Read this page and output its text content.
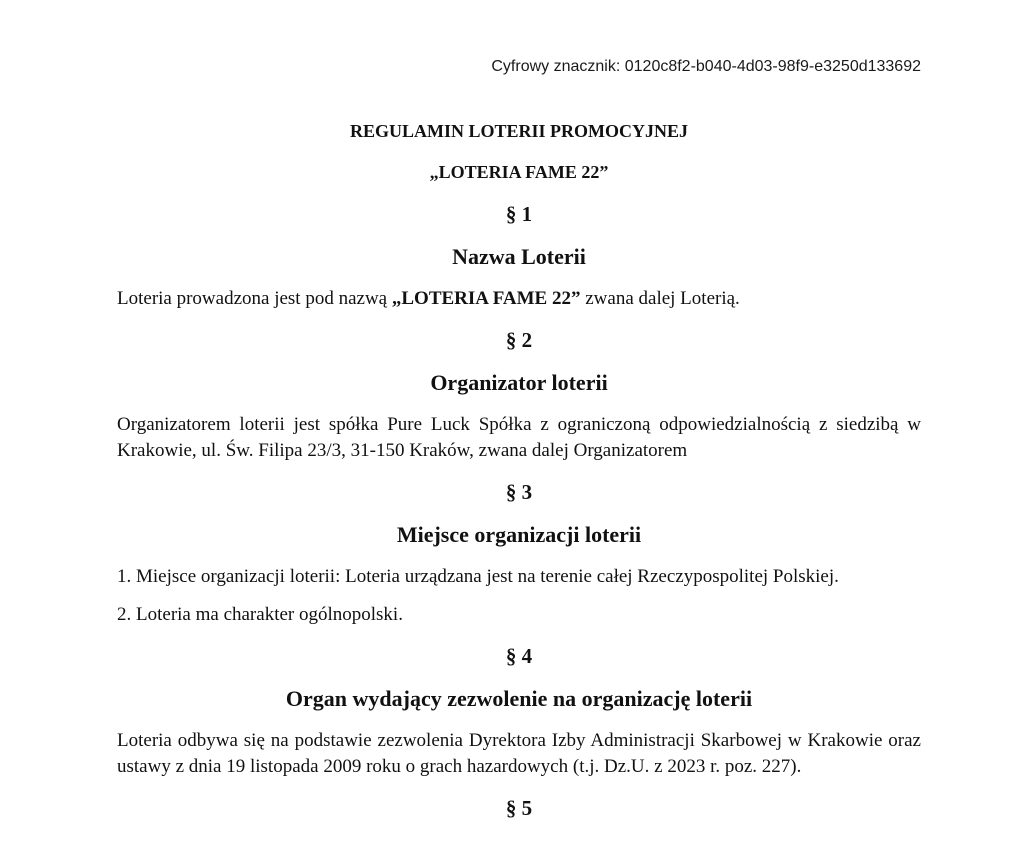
Cyfrowy znacznik: 0120c8f2-b040-4d03-98f9-e3250d133692
REGULAMIN LOTERII PROMOCYJNEJ
„LOTERIA FAME 22”
§ 1
Nazwa Loterii
Loteria prowadzona jest pod nazwą „LOTERIA FAME 22” zwana dalej Loterią.
§ 2
Organizator loterii
Organizatorem loterii jest spółka Pure Luck Spółka z ograniczoną odpowiedzialnością z siedzibą w Krakowie, ul. Św. Filipa 23/3, 31-150 Kraków, zwana dalej Organizatorem
§ 3
Miejsce organizacji loterii
1. Miejsce organizacji loterii: Loteria urządzana jest na terenie całej Rzeczypospolitej Polskiej.
2. Loteria ma charakter ogólnopolski.
§ 4
Organ wydający zezwolenie na organizację loterii
Loteria odbywa się na podstawie zezwolenia Dyrektora Izby Administracji Skarbowej w Krakowie oraz ustawy z dnia 19 listopada 2009 roku o grach hazardowych (t.j. Dz.U. z 2023 r. poz. 227).
§ 5
